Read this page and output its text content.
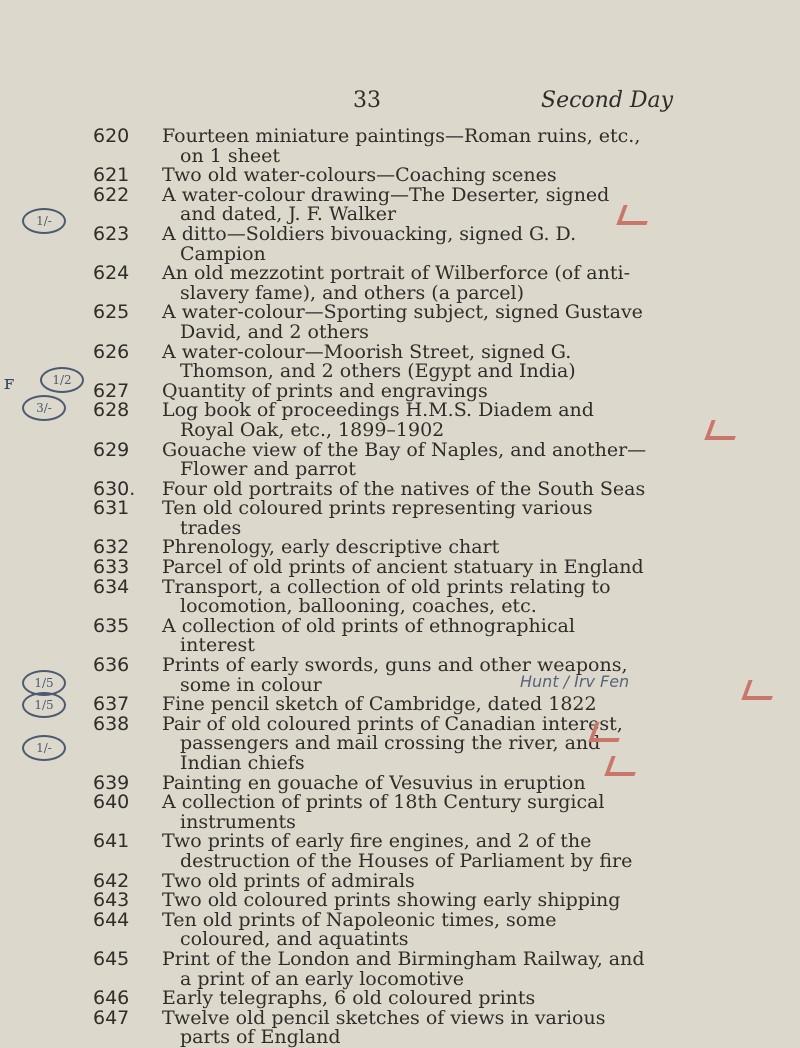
33	Second Day
620 Fourteen miniature paintings—Roman ruins, etc., on 1 sheet

621 Two old water-colours—Coaching scenes

622 A water-colour drawing—The Deserter, signed and dated, J. F. Walker

623 A ditto—Soldiers bivouacking, signed G. D. Campion

624 An old mezzotint portrait of Wilberforce (of anti-slavery fame), and others (a parcel)

625 A water-colour—Sporting subject, signed Gustave David, and 2 others

626 A water-colour—Moorish Street, signed G. Thomson, and 2 others (Egypt and India)

627 Quantity of prints and engravings

628 Log book of proceedings H.M.S. Diadem and Royal Oak, etc., 1899–1902

629 Gouache view of the Bay of Naples, and another—Flower and parrot

630. Four old portraits of the natives of the South Seas

631 Ten old coloured prints representing various trades

632 Phrenology, early descriptive chart

633 Parcel of old prints of ancient statuary in England

634 Transport, a collection of old prints relating to locomotion, ballooning, coaches, etc.

635 A collection of old prints of ethnographical interest

636 Prints of early swords, guns and other weapons, some in colour

637 Fine pencil sketch of Cambridge, dated 1822

638 Pair of old coloured prints of Canadian interest, passengers and mail crossing the river, and Indian chiefs

639 Painting en gouache of Vesuvius in eruption

640 A collection of prints of 18th Century surgical instruments

641 Two prints of early fire engines, and 2 of the destruction of the Houses of Parliament by fire

642 Two old prints of admirals

643 Two old coloured prints showing early shipping

644 Ten old prints of Napoleonic times, some coloured, and aquatints

645 Print of the London and Birmingham Railway, and a print of an early locomotive

646 Early telegraphs, 6 old coloured prints

647 Twelve old pencil sketches of views in various parts of England

1/-
1/2
3/-
1/5
1/5
1/-
ꜰ
Hunt / Irv Fen
